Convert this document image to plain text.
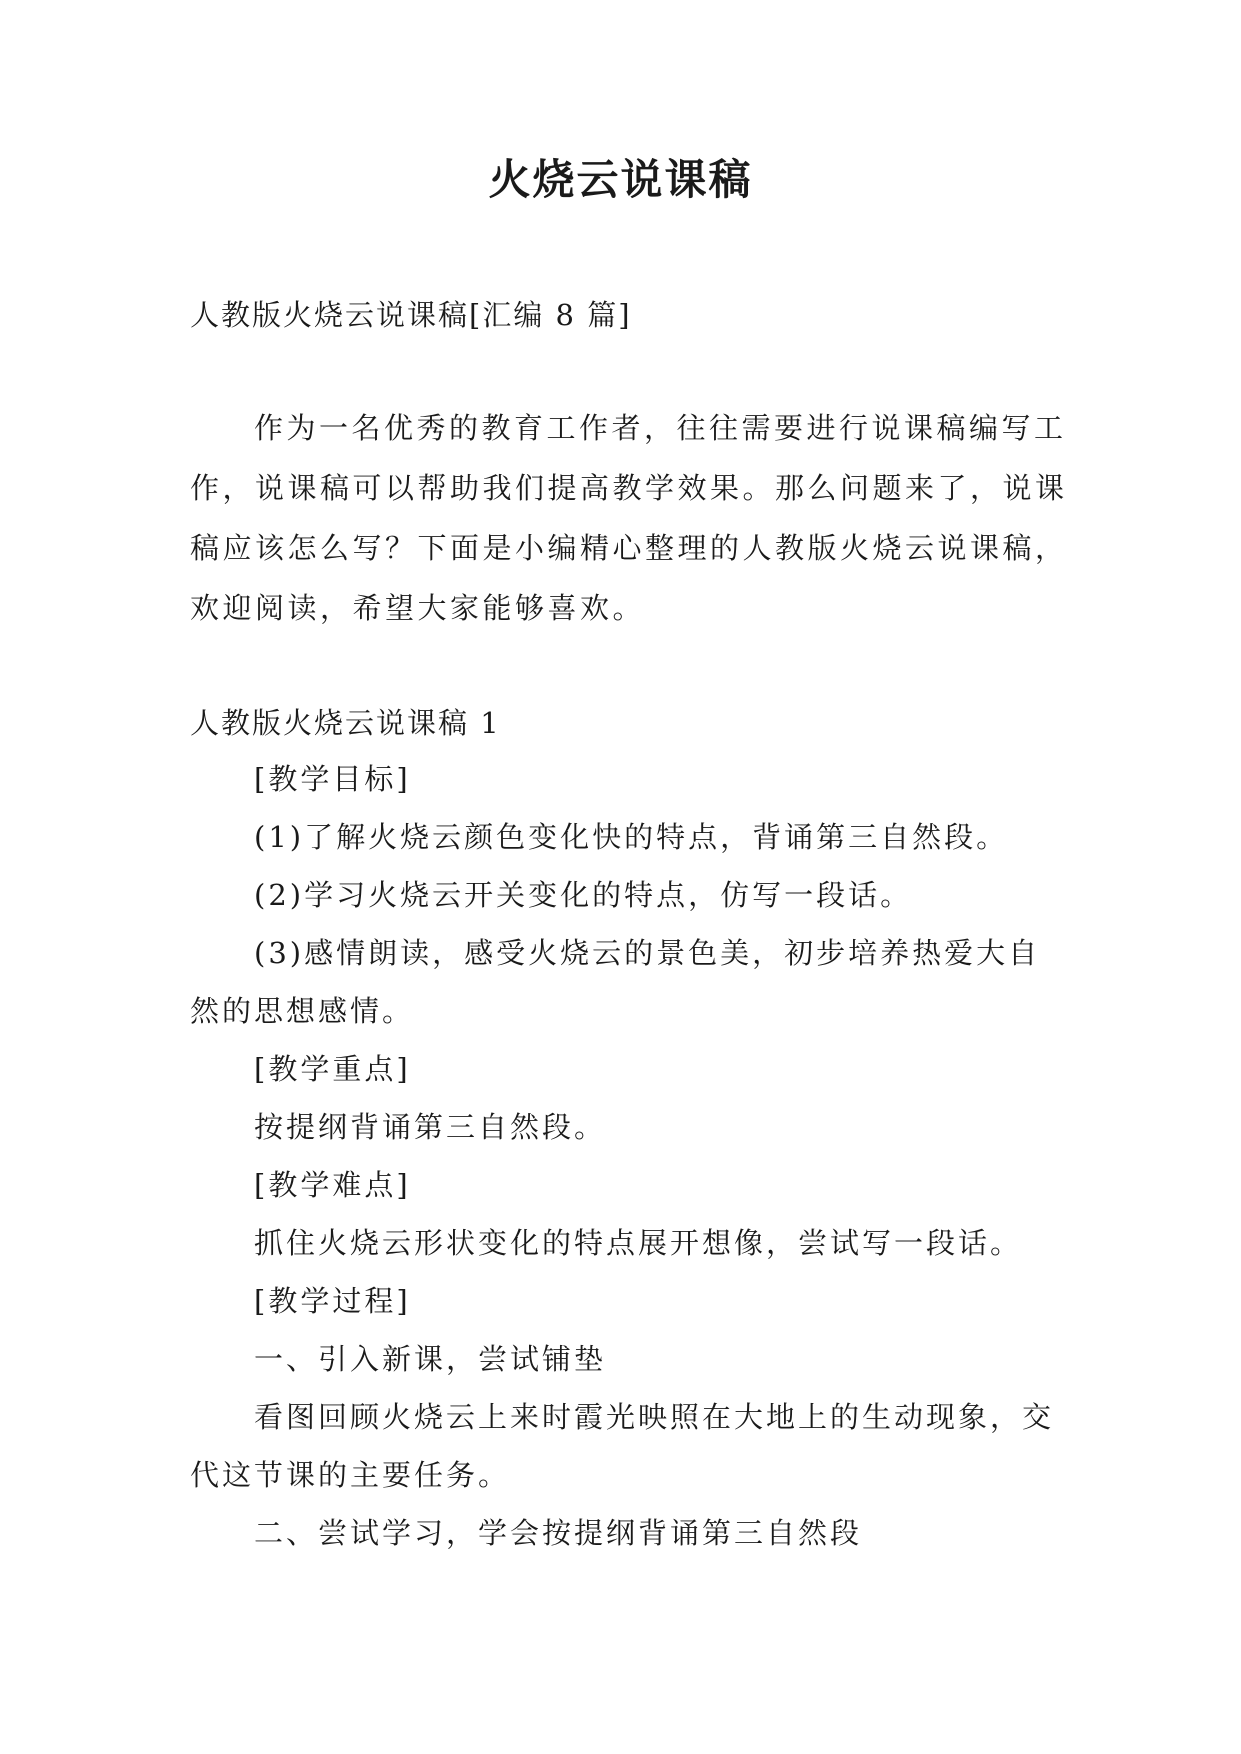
火烧云说课稿
人教版火烧云说课稿[汇编 8 篇]
作为一名优秀的教育工作者，往往需要进行说课稿编写工作，说课稿可以帮助我们提高教学效果。那么问题来了，说课稿应该怎么写？下面是小编精心整理的人教版火烧云说课稿，欢迎阅读，希望大家能够喜欢。
人教版火烧云说课稿 1

[教学目标]

(1)了解火烧云颜色变化快的特点，背诵第三自然段。

(2)学习火烧云开关变化的特点，仿写一段话。

(3)感情朗读，感受火烧云的景色美，初步培养热爱大自然的思想感情。

[教学重点]

按提纲背诵第三自然段。

[教学难点]

抓住火烧云形状变化的特点展开想像，尝试写一段话。

[教学过程]

一、引入新课，尝试铺垫

看图回顾火烧云上来时霞光映照在大地上的生动现象，交代这节课的主要任务。

二、尝试学习，学会按提纲背诵第三自然段
